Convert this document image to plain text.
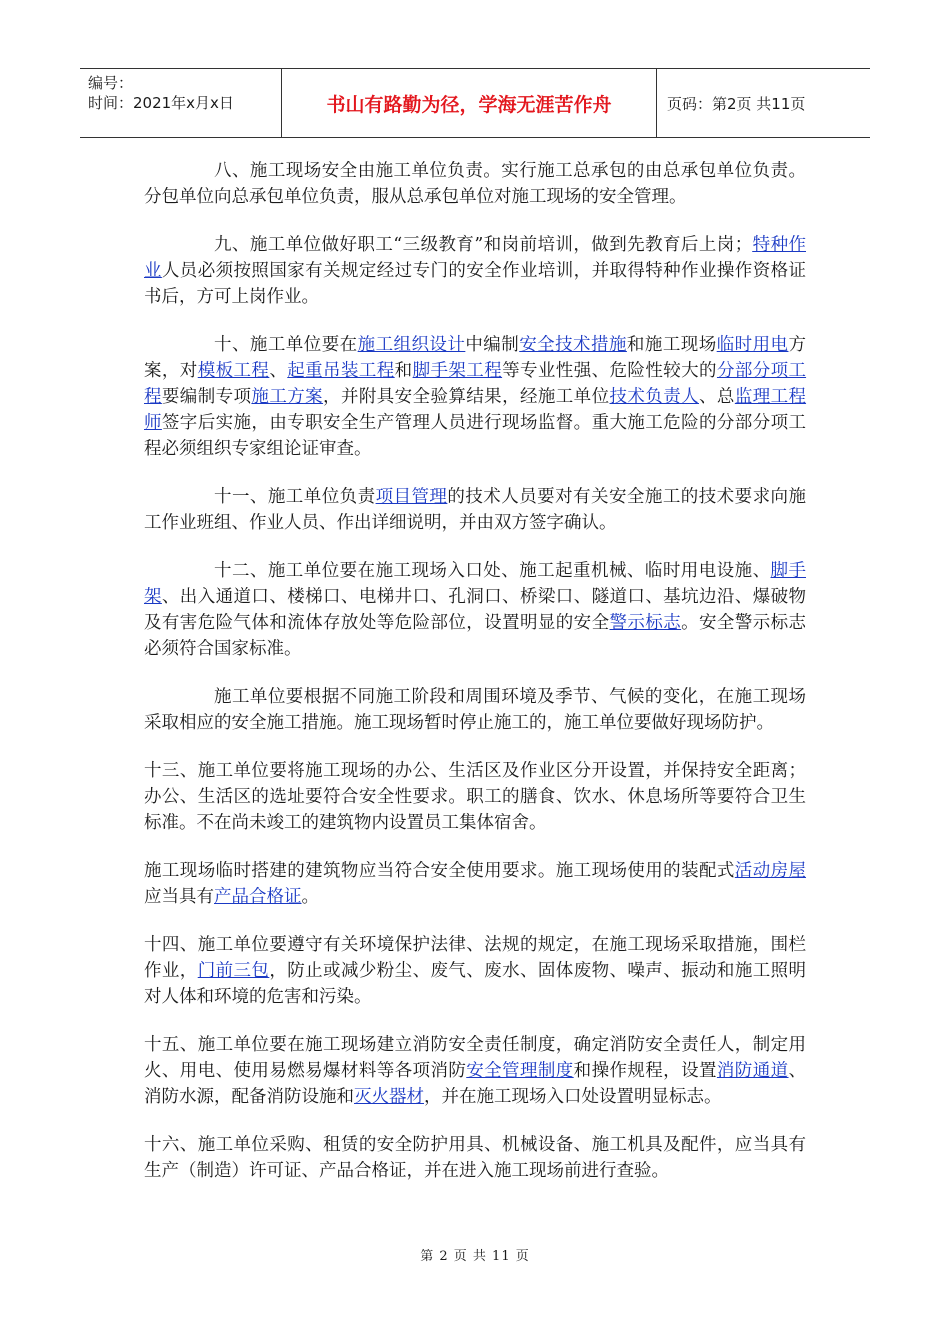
编号：
时间：2021年x月x日	书山有路勤为径，学海无涯苦作舟	页码：第2页 共11页

八、施工现场安全由施工单位负责。实行施工总承包的由总承包单位负责。分包单位向总承包单位负责，服从总承包单位对施工现场的安全管理。

九、施工单位做好职工“三级教育”和岗前培训，做到先教育后上岗；特种作业人员必须按照国家有关规定经过专门的安全作业培训，并取得特种作业操作资格证书后，方可上岗作业。

十、施工单位要在施工组织设计中编制安全技术措施和施工现场临时用电方案，对模板工程、起重吊装工程和脚手架工程等专业性强、危险性较大的分部分项工程要编制专项施工方案，并附具安全验算结果，经施工单位技术负责人、总监理工程师签字后实施，由专职安全生产管理人员进行现场监督。重大施工危险的分部分项工程必须组织专家组论证审查。

十一、施工单位负责项目管理的技术人员要对有关安全施工的技术要求向施工作业班组、作业人员、作出详细说明，并由双方签字确认。

十二、施工单位要在施工现场入口处、施工起重机械、临时用电设施、脚手架、出入通道口、楼梯口、电梯井口、孔洞口、桥梁口、隧道口、基坑边沿、爆破物及有害危险气体和流体存放处等危险部位，设置明显的安全警示标志。安全警示标志必须符合国家标准。

施工单位要根据不同施工阶段和周围环境及季节、气候的变化，在施工现场采取相应的安全施工措施。施工现场暂时停止施工的，施工单位要做好现场防护。

十三、施工单位要将施工现场的办公、生活区及作业区分开设置，并保持安全距离；办公、生活区的选址要符合安全性要求。职工的膳食、饮水、休息场所等要符合卫生标准。不在尚未竣工的建筑物内设置员工集体宿舍。

施工现场临时搭建的建筑物应当符合安全使用要求。施工现场使用的装配式活动房屋应当具有产品合格证。

十四、施工单位要遵守有关环境保护法律、法规的规定，在施工现场采取措施，围栏作业，门前三包，防止或减少粉尘、废气、废水、固体废物、噪声、振动和施工照明对人体和环境的危害和污染。

十五、施工单位要在施工现场建立消防安全责任制度，确定消防安全责任人，制定用火、用电、使用易燃易爆材料等各项消防安全管理制度和操作规程，设置消防通道、消防水源，配备消防设施和灭火器材，并在施工现场入口处设置明显标志。

十六、施工单位采购、租赁的安全防护用具、机械设备、施工机具及配件，应当具有生产（制造）许可证、产品合格证，并在进入施工现场前进行查验。

第 2 页 共 11 页
